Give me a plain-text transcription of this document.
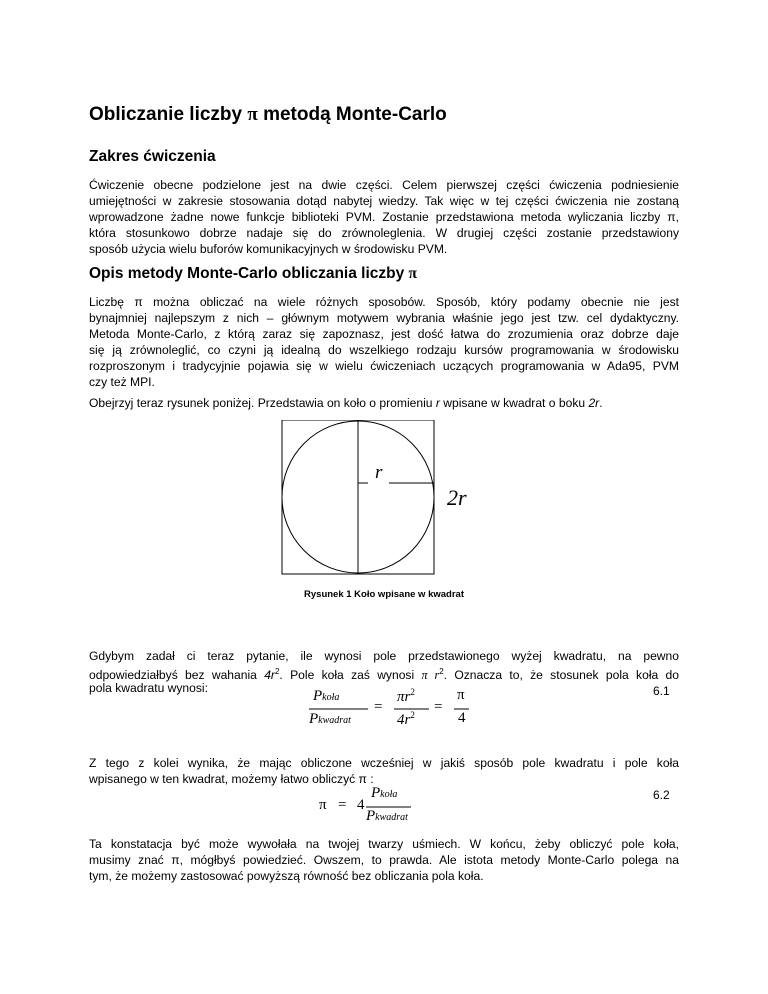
Obliczanie liczby π metodą Monte-Carlo
Zakres ćwiczenia
Ćwiczenie obecne podzielone jest na dwie części. Celem pierwszej części ćwiczenia podniesienie
umiejętności w zakresie stosowania dotąd nabytej wiedzy. Tak więc w tej części ćwiczenia nie zostaną
wprowadzone żadne nowe funkcje biblioteki PVM. Zostanie przedstawiona metoda wyliczania liczby π,
która stosunkowo dobrze nadaje się do zrównoleglenia. W drugiej części zostanie przedstawiony
sposób użycia wielu buforów komunikacyjnych w środowisku PVM.
Opis metody Monte-Carlo obliczania liczby π
Liczbę π można obliczać na wiele różnych sposobów. Sposób, który podamy obecnie nie jest
bynajmniej najlepszym z nich – głównym motywem wybrania właśnie jego jest tzw. cel dydaktyczny.
Metoda Monte-Carlo, z którą zaraz się zapoznasz, jest dość łatwa do zrozumienia oraz dobrze daje
się ją zrównoleglić, co czyni ją idealną do wszelkiego rodzaju kursów programowania w środowisku
rozproszonym i tradycyjnie pojawia się w wielu ćwiczeniach uczących programowania w Ada95, PVM
czy też MPI.
Obejrzyj teraz rysunek poniżej. Przedstawia on koło o promieniu r wpisane w kwadrat o boku 2r.
r
2r
Rysunek 1 Koło wpisane w kwadrat
Gdybym zadał ci teraz pytanie, ile wynosi pole przedstawionego wyżej kwadratu, na pewno
odpowiedziałbyś bez wahania $4r^2$. Pole koła zaś wynosi π $r^2$. Oznacza to, że stosunek pola koła do
pola kwadratu wynosi:	Pkoła
Pkwadrat
=
$\pi r^2$
$4r^2$ =
π
4
6.1
Z tego z kolei wynika, że mając obliczone wcześniej w jakiś sposób pole kwadratu i pole koła
wpisanego w ten kwadrat, możemy łatwo obliczyć π :
π = 4
Pkoła
Pkwadrat
6.2
Ta konstatacja być może wywołała na twojej twarzy uśmiech. W końcu, żeby obliczyć pole koła,
musimy znać π, mógłbyś powiedzieć. Owszem, to prawda. Ale istota metody Monte-Carlo polega na
tym, że możemy zastosować powyższą równość bez obliczania pola koła.
